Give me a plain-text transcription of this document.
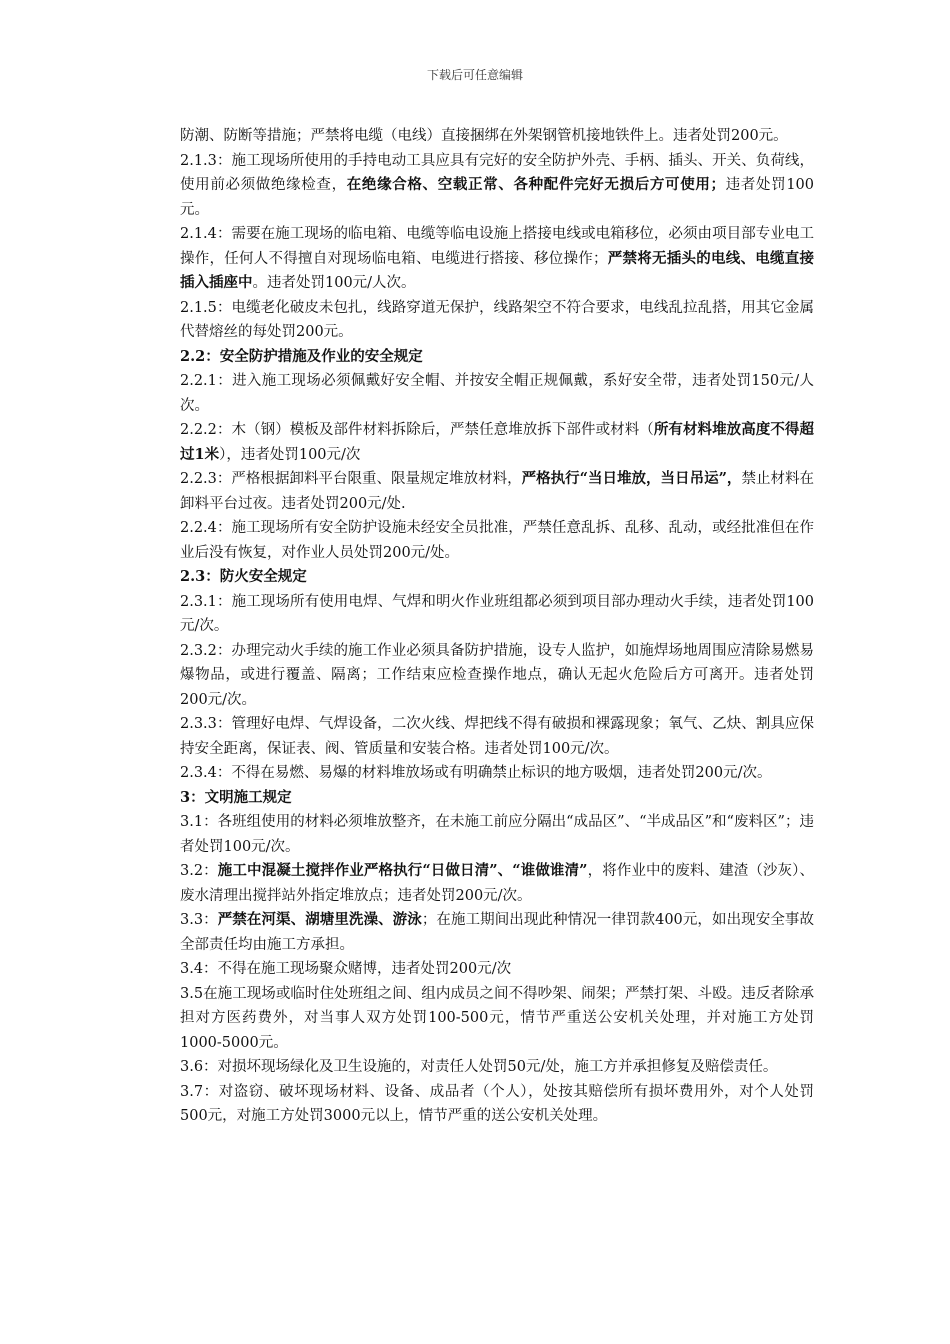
下载后可任意编辑

防潮、防断等措施；严禁将电缆（电线）直接捆绑在外架钢管机接地铁件上。违者处罚200元。

2.1.3：施工现场所使用的手持电动工具应具有完好的安全防护外壳、手柄、插头、开关、负荷线，使用前必须做绝缘检查，在绝缘合格、空载正常、各种配件完好无损后方可使用；违者处罚100元。

2.1.4：需要在施工现场的临电箱、电缆等临电设施上搭接电线或电箱移位，必须由项目部专业电工操作，任何人不得擅自对现场临电箱、电缆进行搭接、移位操作；严禁将无插头的电线、电缆直接插入插座中。违者处罚100元/人次。

2.1.5：电缆老化破皮未包扎，线路穿道无保护，线路架空不符合要求，电线乱拉乱搭，用其它金属代替熔丝的每处罚200元。

2.2：安全防护措施及作业的安全规定

2.2.1：进入施工现场必须佩戴好安全帽、并按安全帽正规佩戴，系好安全带，违者处罚150元/人次。

2.2.2：木（钢）模板及部件材料拆除后，严禁任意堆放拆下部件或材料（所有材料堆放高度不得超过1米），违者处罚100元/次

2.2.3：严格根据卸料平台限重、限量规定堆放材料，严格执行“当日堆放，当日吊运”，禁止材料在卸料平台过夜。违者处罚200元/处.

2.2.4：施工现场所有安全防护设施未经安全员批准，严禁任意乱拆、乱移、乱动，或经批准但在作业后没有恢复，对作业人员处罚200元/处。

2.3：防火安全规定

2.3.1：施工现场所有使用电焊、气焊和明火作业班组都必须到项目部办理动火手续，违者处罚100元/次。

2.3.2：办理完动火手续的施工作业必须具备防护措施，设专人监护，如施焊场地周围应清除易燃易爆物品，或进行覆盖、隔离；工作结束应检查操作地点，确认无起火危险后方可离开。违者处罚200元/次。

2.3.3：管理好电焊、气焊设备，二次火线、焊把线不得有破损和裸露现象；氧气、乙炔、割具应保持安全距离，保证表、阀、管质量和安装合格。违者处罚100元/次。

2.3.4：不得在易燃、易爆的材料堆放场或有明确禁止标识的地方吸烟，违者处罚200元/次。

3：文明施工规定

3.1：各班组使用的材料必须堆放整齐，在未施工前应分隔出“成品区”、“半成品区”和“废料区”；违者处罚100元/次。

3.2：施工中混凝土搅拌作业严格执行“日做日清”、“谁做谁清”，将作业中的废料、建渣（沙灰）、废水清理出搅拌站外指定堆放点；违者处罚200元/次。

3.3：严禁在河渠、湖塘里洗澡、游泳；在施工期间出现此种情况一律罚款400元，如出现安全事故全部责任均由施工方承担。

3.4：不得在施工现场聚众赌博，违者处罚200元/次

3.5在施工现场或临时住处班组之间、组内成员之间不得吵架、闹架；严禁打架、斗殴。违反者除承担对方医药费外，对当事人双方处罚100-500元，情节严重送公安机关处理，并对施工方处罚1000-5000元。

3.6：对损坏现场绿化及卫生设施的，对责任人处罚50元/处，施工方并承担修复及赔偿责任。

3.7：对盗窃、破坏现场材料、设备、成品者（个人），处按其赔偿所有损坏费用外，对个人处罚500元，对施工方处罚3000元以上，情节严重的送公安机关处理。
